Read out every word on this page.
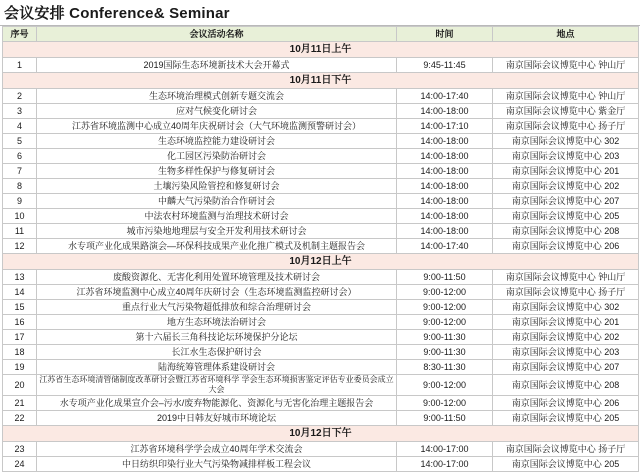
会议安排 Conference& Seminar
序号	会议活动名称	时间	地点
10月11日上午			
1	2019国际生态环境新技术大会开幕式	9:45-11:45	南京国际会议博览中心 钟山厅
10月11日下午			
2	生态环境治理模式创新专题交流会	14:00-17:40	南京国际会议博览中心 钟山厅
3	应对气候变化研讨会	14:00-18:00	南京国际会议博览中心 紫金厅
4	江苏省环境监测中心成立40周年庆祝研讨会（大气环境监测预警研讨会）	14:00-17:10	南京国际会议博览中心 扬子厅
5	生态环境监控能力建设研讨会	14:00-18:00	南京国际会议博览中心 302
6	化工园区污染防治研讨会	14:00-18:00	南京国际会议博览中心 203
7	生物多样性保护与修复研讨会	14:00-18:00	南京国际会议博览中心 201
8	土壤污染风险管控和修复研讨会	14:00-18:00	南京国际会议博览中心 202
9	中麟大气污染防治合作研讨会	14:00-18:00	南京国际会议博览中心 207
10	中法农村环境监测与治理技术研讨会	14:00-18:00	南京国际会议博览中心 205
11	城市污染地地理层与安全开发利用技术研讨会	14:00-18:00	南京国际会议博览中心 208
12	水专项产业化成果路演会—环保科技成果产业化推广模式及机制主题报告会	14:00-17:40	南京国际会议博览中心 206
10月12日上午			
13	废酸资源化、无害化利用处置环境管理及技术研讨会	9:00-11:50	南京国际会议博览中心 钟山厅
14	江苏省环境监测中心成立40周年庆研讨会（生态环境监测监控研讨会）	9:00-12:00	南京国际会议博览中心 扬子厅
15	重点行业大气污染物超低排放和综合治理研讨会	9:00-12:00	南京国际会议博览中心 302
16	地方生态环境法治研讨会	9:00-12:00	南京国际会议博览中心 201
17	第十六届长三角科技论坛环境保护分论坛	9:00-11:30	南京国际会议博览中心 202
18	长江水生态保护研讨会	9:00-11:30	南京国际会议博览中心 203
19	陆海统筹管理体系建设研讨会	8:30-11:30	南京国际会议博览中心 207
20	江苏省生态环境清管储制度改革研讨会暨江苏省环境科学 学会生态环境损害鉴定评估专业委员会成立大会	9:00-12:00	南京国际会议博览中心 208
21	水专项产业化成果宣介会–污水/废弃物能源化、资源化与无害化治理主题报告会	9:00-12:00	南京国际会议博览中心 206
22	2019中日韩友好城市环境论坛	9:00-11:50	南京国际会议博览中心 205
10月12日下午			
23	江苏省环境科学学会成立40周年学术交流会	14:00-17:00	南京国际会议博览中心 扬子厅
24	中日纺织印染行业大气污染物减排样板工程会议	14:00-17:00	南京国际会议博览中心 205
